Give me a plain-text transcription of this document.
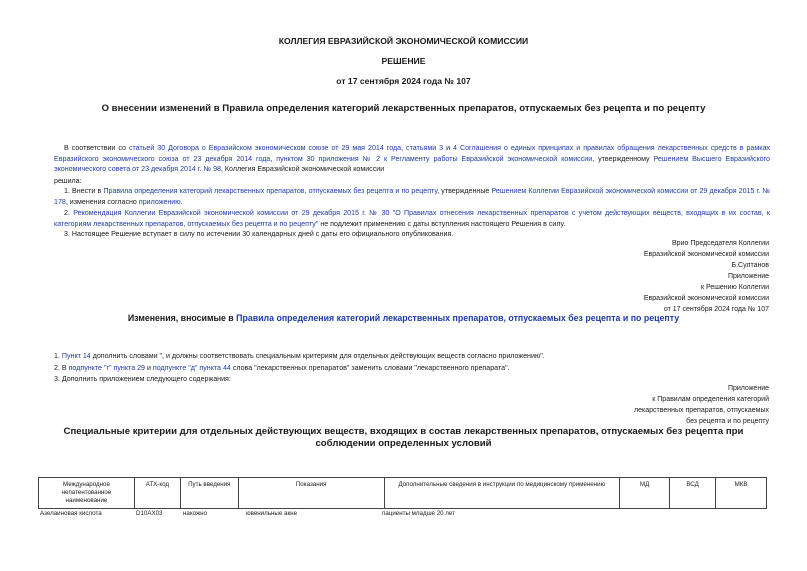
КОЛЛЕГИЯ ЕВРАЗИЙСКОЙ ЭКОНОМИЧЕСКОЙ КОМИССИИ
РЕШЕНИЕ
от 17 сентября 2024 года № 107
О внесении изменений в Правила определения категорий лекарственных препаратов, отпускаемых без рецепта и по рецепту
В соответствии со статьей 30 Договора о Евразийском экономическом союзе от 29 мая 2014 года, статьями 3 и 4 Соглашения о единых принципах и правилах обращения лекарственных средств в рамках Евразийского экономического союза от 23 декабря 2014 года, пунктом 30 приложения № 2 к Регламенту работы Евразийской экономической комиссии, утвержденному Решением Высшего Евразийского экономического совета от 23 декабря 2014 г. № 98, Коллегия Евразийской экономической комиссии
решила:
1. Внести в Правила определения категорий лекарственных препаратов, отпускаемых без рецепта и по рецепту, утвержденные Решением Коллегии Евразийской экономической комиссии от 29 декабря 2015 г. № 178, изменения согласно приложению.
2. Рекомендация Коллегии Евразийской экономической комиссии от 29 декабря 2015 г. № 30 "О Правилах отнесения лекарственных препаратов с учетом действующих веществ, входящих в их состав, к категориям лекарственных препаратов, отпускаемых без рецепта и по рецепту" не подлежит применению с даты вступления настоящего Решения в силу.
3. Настоящее Решение вступает в силу по истечении 30 календарных дней с даты его официального опубликования.
Врио Председателя Коллегии
Евразийской экономической комиссии
Б.Султанов
Приложение
к Решению Коллегии
Евразийской экономической комиссии
от 17 сентября 2024 года № 107
Изменения, вносимые в Правила определения категорий лекарственных препаратов, отпускаемых без рецепта и по рецепту
1. Пункт 14 дополнить словами ", и должны соответствовать специальным критериям для отдельных действующих веществ согласно приложению".
2. В подпункте "г" пункта 29 и подпункте "д" пункта 44 слова "лекарственных препаратов" заменить словами "лекарственного препарата".
3. Дополнить приложением следующего содержания:
Приложение
к Правилам определения категорий
лекарственных препаратов, отпускаемых
без рецепта и по рецепту
Специальные критерии для отдельных действующих веществ, входящих в состав лекарственных препаратов, отпускаемых без рецепта при соблюдении определенных условий
Международное непатентованное наименование	АТХ-код	Путь введения	Показания	Дополнительные сведения в инструкции по медицинскому применению	МД	ВСД	МКВ
Азелаиновая кислота	D10AX03	накожно	ювенильные акне	пациенты младше 20 лет
